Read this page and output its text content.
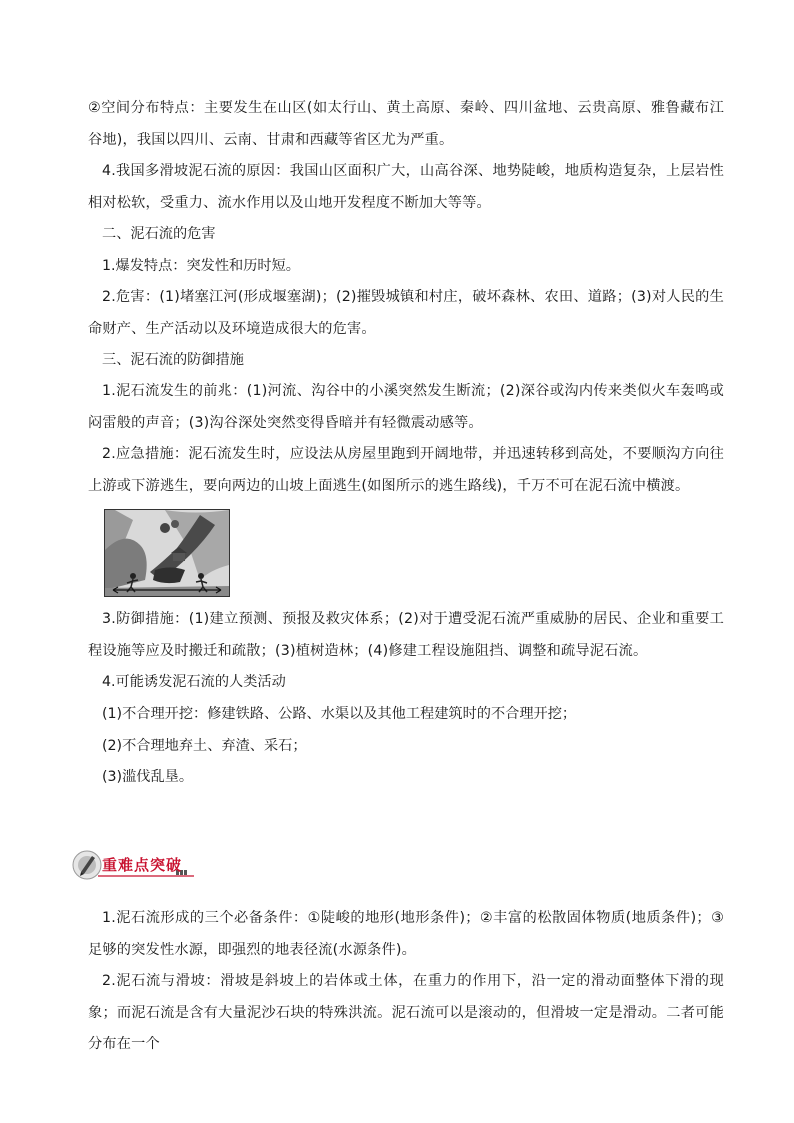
②空间分布特点：主要发生在山区(如太行山、黄土高原、秦岭、四川盆地、云贵高原、雅鲁藏布江谷地)，我国以四川、云南、甘肃和西藏等省区尤为严重。
4.我国多滑坡泥石流的原因：我国山区面积广大，山高谷深、地势陡峻，地质构造复杂，上层岩性相对松软，受重力、流水作用以及山地开发程度不断加大等等。
二、泥石流的危害
1.爆发特点：突发性和历时短。
2.危害：(1)堵塞江河(形成堰塞湖)；(2)摧毁城镇和村庄，破坏森林、农田、道路；(3)对人民的生命财产、生产活动以及环境造成很大的危害。
三、泥石流的防御措施
1.泥石流发生的前兆：(1)河流、沟谷中的小溪突然发生断流；(2)深谷或沟内传来类似火车轰鸣或闷雷般的声音；(3)沟谷深处突然变得昏暗并有轻微震动感等。
2.应急措施：泥石流发生时，应设法从房屋里跑到开阔地带，并迅速转移到高处，不要顺沟方向往上游或下游逃生，要向两边的山坡上面逃生(如图所示的逃生路线)，千万不可在泥石流中横渡。
3.防御措施：(1)建立预测、预报及救灾体系；(2)对于遭受泥石流严重威胁的居民、企业和重要工程设施等应及时搬迁和疏散；(3)植树造林；(4)修建工程设施阻挡、调整和疏导泥石流。
4.可能诱发泥石流的人类活动
(1)不合理开挖：修建铁路、公路、水渠以及其他工程建筑时的不合理开挖；
(2)不合理地弃土、弃渣、采石；
(3)滥伐乱垦。
重难点突破
1.泥石流形成的三个必备条件：①陡峻的地形(地形条件)；②丰富的松散固体物质(地质条件)；③足够的突发性水源，即强烈的地表径流(水源条件)。
2.泥石流与滑坡：滑坡是斜坡上的岩体或土体，在重力的作用下，沿一定的滑动面整体下滑的现象；而泥石流是含有大量泥沙石块的特殊洪流。泥石流可以是滚动的，但滑坡一定是滑动。二者可能分布在一个
